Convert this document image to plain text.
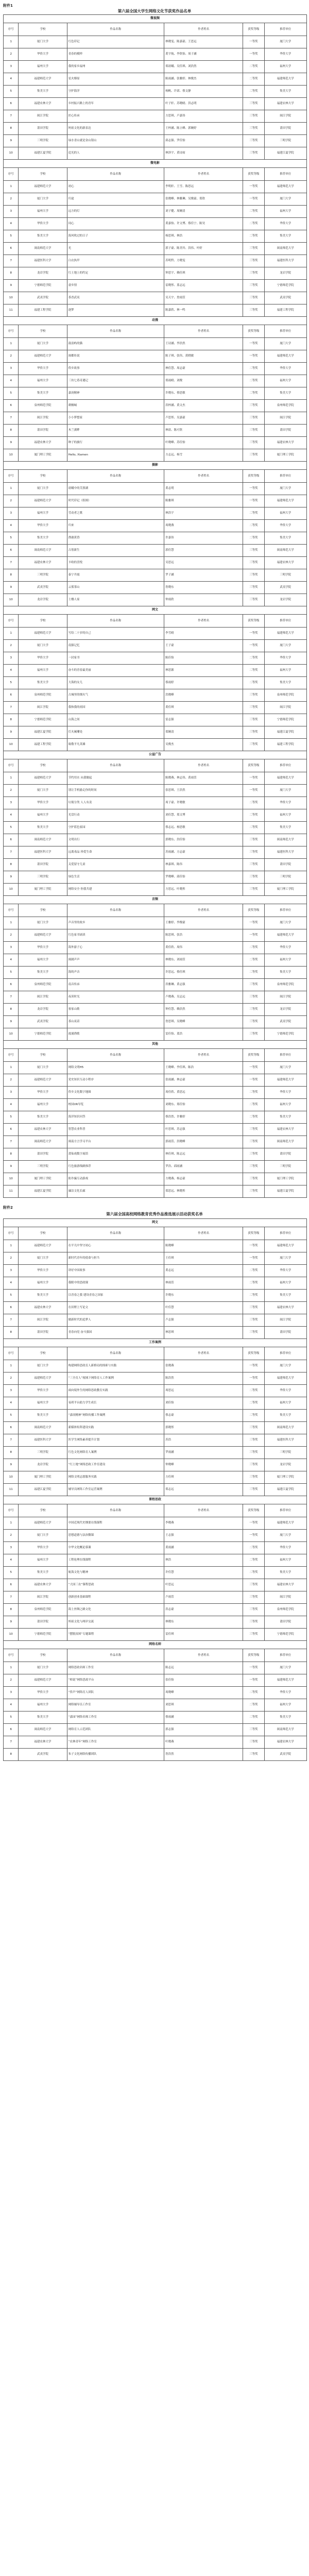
附件1
第六届全国大学生网络文化节获奖作品名单
微视频					
序号	学校	作品名称	作者姓名	获奖等级	推荐单位
1	厦门大学	红色印记	林晓雯、陈嘉豪、王思远	一等奖	厦门大学
2	华侨大学	青春的模样	黄宇航、李欣怡、周子涵	一等奖	华侨大学
3	福州大学	我的家乡福州	郑晨曦、吴佳琪、刘浩然	二等奖	福州大学
4	福建师范大学	星火燎原	陈雨涵、张雅婷、林俊杰	二等奖	福建师范大学
5	集美大学	守护海洋	杨帆、许诺、蔡文静	二等奖	集美大学
6	福建农林大学	乡村振兴路上的青年	叶子轩、苏晓晴、洪志明	三等奖	福建农林大学
7	闽江学院	匠心传承	方思琪、卢嘉伟	三等奖	闽江学院
8	莆田学院	妈祖文化的新表达	王梓涵、陈立峰、郭婉婷	三等奖	莆田学院
9	三明学院	绿水青山就是金山银山	邱志强、罗佳怡	三等奖	三明学院
10	福建江夏学院	追光的人	林泽宇、黄诗雨	三等奖	福建江夏学院
微电影					
序号	学校	作品名称	作者姓名	获奖等级	推荐单位
1	福建师范大学	初心	李明轩、王雪、陈思远	一等奖	福建师范大学
2	厦门大学	归途	张晓峰、林雅琳、吴俊豪、郑欣	一等奖	厦门大学
3	福州大学	远方的灯	刘子健、周婉清	二等奖	福州大学
4	华侨大学	同心	黄嘉怡、许文博、蔡佳宁、陈昊	二等奖	华侨大学
5	集美大学	海风吹过的日子	杨思琪、林浩	二等奖	集美大学
6	闽南师范大学	光	郭子豪、陈美玲、洪伟、叶婷	三等奖	闽南师范大学
7	福建医科大学	白衣执甲	苏明哲、方晓雯	三等奖	福建医科大学
8	龙岩学院	红土地上的约定	钟思宇、赖佳琪	三等奖	龙岩学院
9	宁德师范学院	畲乡情	雷晓彤、蓝志远	三等奖	宁德师范学院
10	武夷学院	茶香武夷	吴天宇、詹雨萱	三等奖	武夷学院
11	福建工程学院	逐梦	陈嘉欣、林一鸣	三等奖	福建工程学院
动漫					
序号	学校	作品名称	作者姓名	获奖等级	推荐单位
1	厦门大学	鼓浪屿的猫	王诗涵、李浩然	一等奖	厦门大学
2	福建师范大学	闽都传说	陈子琪、张伟、黄晓敏	一等奖	福建师范大学
3	华侨大学	侨乡故事	林佳慧、周志豪	二等奖	华侨大学
4	福州大学	三坊七巷奇遇记	郑雨晴、刘俊	二等奖	福州大学
5	集美大学	嘉庚精神	许晓东、蔡思敏	二等奖	集美大学
6	泉州师范学院	刺桐城	洪梓涵、黄文杰	三等奖	泉州师范学院
7	闽江学院	小小梦想家	卢思彤、吴嘉豪	三等奖	闽江学院
8	莆田学院	木兰溪畔	林晨、陈可欣	三等奖	莆田学院
9	福建农林大学	种子的旅行	叶晓峰、苏佳怡	三等奖	福建农林大学
10	厦门理工学院	Hello, Xiamen	方志远、杨雪	三等奖	厦门理工学院
摄影					
序号	学校	作品名称	作者姓名	获奖等级	推荐单位
1	厦门大学	晨曦中的芙蓉湖	黄志明	一等奖	厦门大学
2	福建师范大学	时代印记（组图）	陈雅琪	一等奖	福建师范大学
3	福州大学	劳动者之歌	林浩宇	二等奖	福州大学
4	华侨大学	归来	周晓燕	二等奖	华侨大学
5	集美大学	渔港黄昏	许嘉伟	二等奖	集美大学
6	闽南师范大学	古厝新生	郭佳慧	三等奖	闽南师范大学
7	福建农林大学	丰收的喜悦	吴思远	三等奖	福建农林大学
8	三明学院	泰宁丹霞	罗子涵	三等奖	三明学院
9	武夷学院	云雾茶山	詹晓东	三等奖	武夷学院
10	龙岩学院	土楼人家	钟雨欣	三等奖	龙岩学院
网文					
序号	学校	作品名称	作者姓名	获奖等级	推荐单位
1	福建师范大学	写给二十岁的自己	李雪晴	一等奖	福建师范大学
2	厦门大学	南强记忆	王子豪	一等奖	厦门大学
3	华侨大学	一封家书	陈佳怡	二等奖	华侨大学
4	福州大学	奋斗的青春最美丽	林思源	二等奖	福州大学
5	集美大学	大海的女儿	蔡雨婷	二等奖	集美大学
6	泉州师范学院	古城里的烟火气	洪晓峰	三等奖	泉州师范学院
7	闽江学院	我和我的祖国	黄佳琪	三等奖	闽江学院
8	宁德师范学院	山海之间	雷志强	三等奖	宁德师范学院
9	福建江夏学院	灯火阑珊处	郑婉清	三等奖	福建江夏学院
10	福建工程学院	致敬平凡英雄	吴俊杰	三等奖	福建工程学院
公益广告					
序号	学校	作品名称	作者姓名	获奖等级	推荐单位
1	福建师范大学	节约用水 从我做起	陈晓燕、林志伟、黄雨萱	一等奖	福建师范大学
2	厦门大学	别让手机偷走你的时间	张思琪、王浩然	一等奖	厦门大学
3	华侨大学	垃圾分类 人人有责	周子豪、许晓敏	二等奖	华侨大学
4	福州大学	光盘行动	刘佳慧、郑文博	二等奖	福州大学
5	集美大学	守护蓝色家园	蔡志远、杨思敏	二等奖	集美大学
6	闽南师范大学	文明出行	郭晓东、洪佳怡	三等奖	闽南师范大学
7	福建医科大学	远离毒品 珍爱生命	苏雨涵、方志豪	三等奖	福建医科大学
8	莆田学院	关爱留守儿童	林嘉琪、陈伟	三等奖	莆田学院
9	三明学院	绿色生活	罗晓峰、邱佳怡	三等奖	三明学院
10	厦门理工学院	网络安全 你我共建	方思远、叶晓彤	三等奖	厦门理工学院
音频					
序号	学校	作品名称	作者姓名	获奖等级	推荐单位
1	厦门大学	声音里的故乡	王雅婷、李俊豪	一等奖	厦门大学
2	福建师范大学	红色家书诵读	陈思琪、张浩	一等奖	福建师范大学
3	华侨大学	海外游子心	黄佳欣、周伟	二等奖	华侨大学
4	福州大学	闽剧声声	林晓东、刘雨萱	二等奖	福州大学
5	集美大学	海的声音	许思远、蔡佳琪	二等奖	集美大学
6	泉州师范学院	南音传承	洪雅琳、黄志强	三等奖	泉州师范学院
7	闽江学院	夜读时光	卢晓燕、吴志远	三等奖	闽江学院
8	龙岩学院	客家山歌	钟佳慧、赖浩然	三等奖	龙岩学院
9	武夷学院	茶山夜话	詹思琪、吴晓峰	三等奖	武夷学院
10	宁德师范学院	霞浦渔歌	雷佳怡、蓝浩	三等奖	宁德师范学院
其他					
序号	学校	作品名称	作者姓名	获奖等级	推荐单位
1	厦门大学	网络文明H5	王晓峰、李佳琪、陈浩	一等奖	厦门大学
2	福建师范大学	党史知识互动小程序	张雨涵、林志豪	一等奖	福建师范大学
3	华侨大学	侨乡文化数字地图	周佳欣、黄思远	二等奖	华侨大学
4	福州大学	校园VR导览	刘晓东、郑佳怡	二等奖	福州大学
5	集美大学	海洋知识问答	蔡浩然、许雅婷	二等奖	集美大学
6	福建农林大学	智慧农业科普	叶思琪、苏志强	三等奖	福建农林大学
7	闽南师范大学	闽南方言学习平台	郭雨萱、洪晓峰	三等奖	闽南师范大学
8	莆田学院	莆仙戏数字展馆	林佳琪、陈志远	三等奖	莆田学院
9	三明学院	红色旅游线路推荐	罗浩、邱雨涵	三等奖	三明学院
10	厦门理工学院	防诈骗互动游戏	方晓燕、杨志豪	三等奖	厦门理工学院
11	福建江夏学院	廉洁文化长廊	郑思远、林晓彤	三等奖	福建江夏学院
附件2
第六届全国高校网络教育优秀作品推选展示活动获奖名单
网文					
序号	学校	作品名称	作者姓名	获奖等级	推荐单位
1	福建师范大学	在平凡中坚守初心	陈晓峰	一等奖	福建师范大学
2	厦门大学	新时代青年的使命与担当	王佳琪	一等奖	厦门大学
3	华侨大学	讲好中国故事	黄志远	二等奖	华侨大学
4	福州大学	我眼中的思政课	林雨萱	二等奖	福州大学
5	集美大学	以青春之我 建设青春之国家	许晓东	二等奖	集美大学
6	福建农林大学	在田野上写论文	叶佳慧	三等奖	福建农林大学
7	闽江学院	做新时代的追梦人	卢志强	三等奖	闽江学院
8	莆田学院	青春向党 奋斗强国	林思琪	三等奖	莆田学院
工作案例					
序号	学校	作品名称	作者姓名	获奖等级	推荐单位
1	厦门大学	构建网络思政育人新格局的探索与实践	张晓燕	一等奖	厦门大学
2	福建师范大学	“三全育人”视域下网络育人工作案例	陈浩然	一等奖	福建师范大学
3	华侨大学	面向境外生的网络思政教育实践	周思远	二等奖	华侨大学
4	福州大学	易班平台助力学生成长	刘佳怡	二等奖	福州大学
5	集美大学	“嘉庚精神”网络传播工作案例	蔡志豪	二等奖	集美大学
6	闽南师范大学	新媒体矩阵建设实践	郭晓彤	三等奖	闽南师范大学
7	福建医科大学	医学生网络素养提升计划	苏浩	三等奖	福建医科大学
8	三明学院	红色文化网络育人案例	罗雨涵	三等奖	三明学院
9	龙岩学院	“红土地”网络思政工作室建设	钟晓峰	三等奖	龙岩学院
10	厦门理工学院	网络文明志愿服务实践	方佳琪	三等奖	厦门理工学院
11	福建江夏学院	辅导员网络工作室运营案例	郑志远	三等奖	福建江夏学院
课程思政					
序号	学校	作品名称	作者姓名	获奖等级	推荐单位
1	福建师范大学	中国近现代史纲要在线课程	李晓燕	一等奖	福建师范大学
2	厦门大学	思想道德与法治微课	王志强	一等奖	厦门大学
3	华侨大学	中华文化概论慕课	黄雨涵	二等奖	华侨大学
4	福州大学	工程伦理在线课程	林浩	二等奖	福州大学
5	集美大学	航海文化与精神	许佳慧	二等奖	集美大学
6	福建农林大学	“大国三农”课程思政	叶思远	三等奖	福建农林大学
7	闽江学院	创新创业基础课程	卢雨萱	三等奖	闽江学院
8	泉州师范学院	海上丝绸之路文化	洪志豪	三等奖	泉州师范学院
9	莆田学院	妈祖文化与两岸交流	林晓东	三等奖	莆田学院
10	宁德师范学院	“摆脱贫困”专题课程	雷佳琪	三等奖	宁德师范学院
网络名师					
序号	学校	作品名称	作者姓名	获奖等级	推荐单位
1	厦门大学	网络思政名师工作室	陈志远	一等奖	厦门大学
2	福建师范大学	“师说”网络思政平台	张佳怡	一等奖	福建师范大学
3	华侨大学	“侨声”网络育人团队	周晓峰	二等奖	华侨大学
4	福州大学	网络辅导员工作室	刘思琪	二等奖	福州大学
5	集美大学	“嘉园”网络名师工作室	蔡雨涵	二等奖	集美大学
6	闽南师范大学	网络育人示范团队	郭志强	三等奖	闽南师范大学
7	福建农林大学	“农林青年”网络工作室	叶晓燕	三等奖	福建农林大学
8	武夷学院	朱子文化网络传播团队	詹浩然	三等奖	武夷学院
